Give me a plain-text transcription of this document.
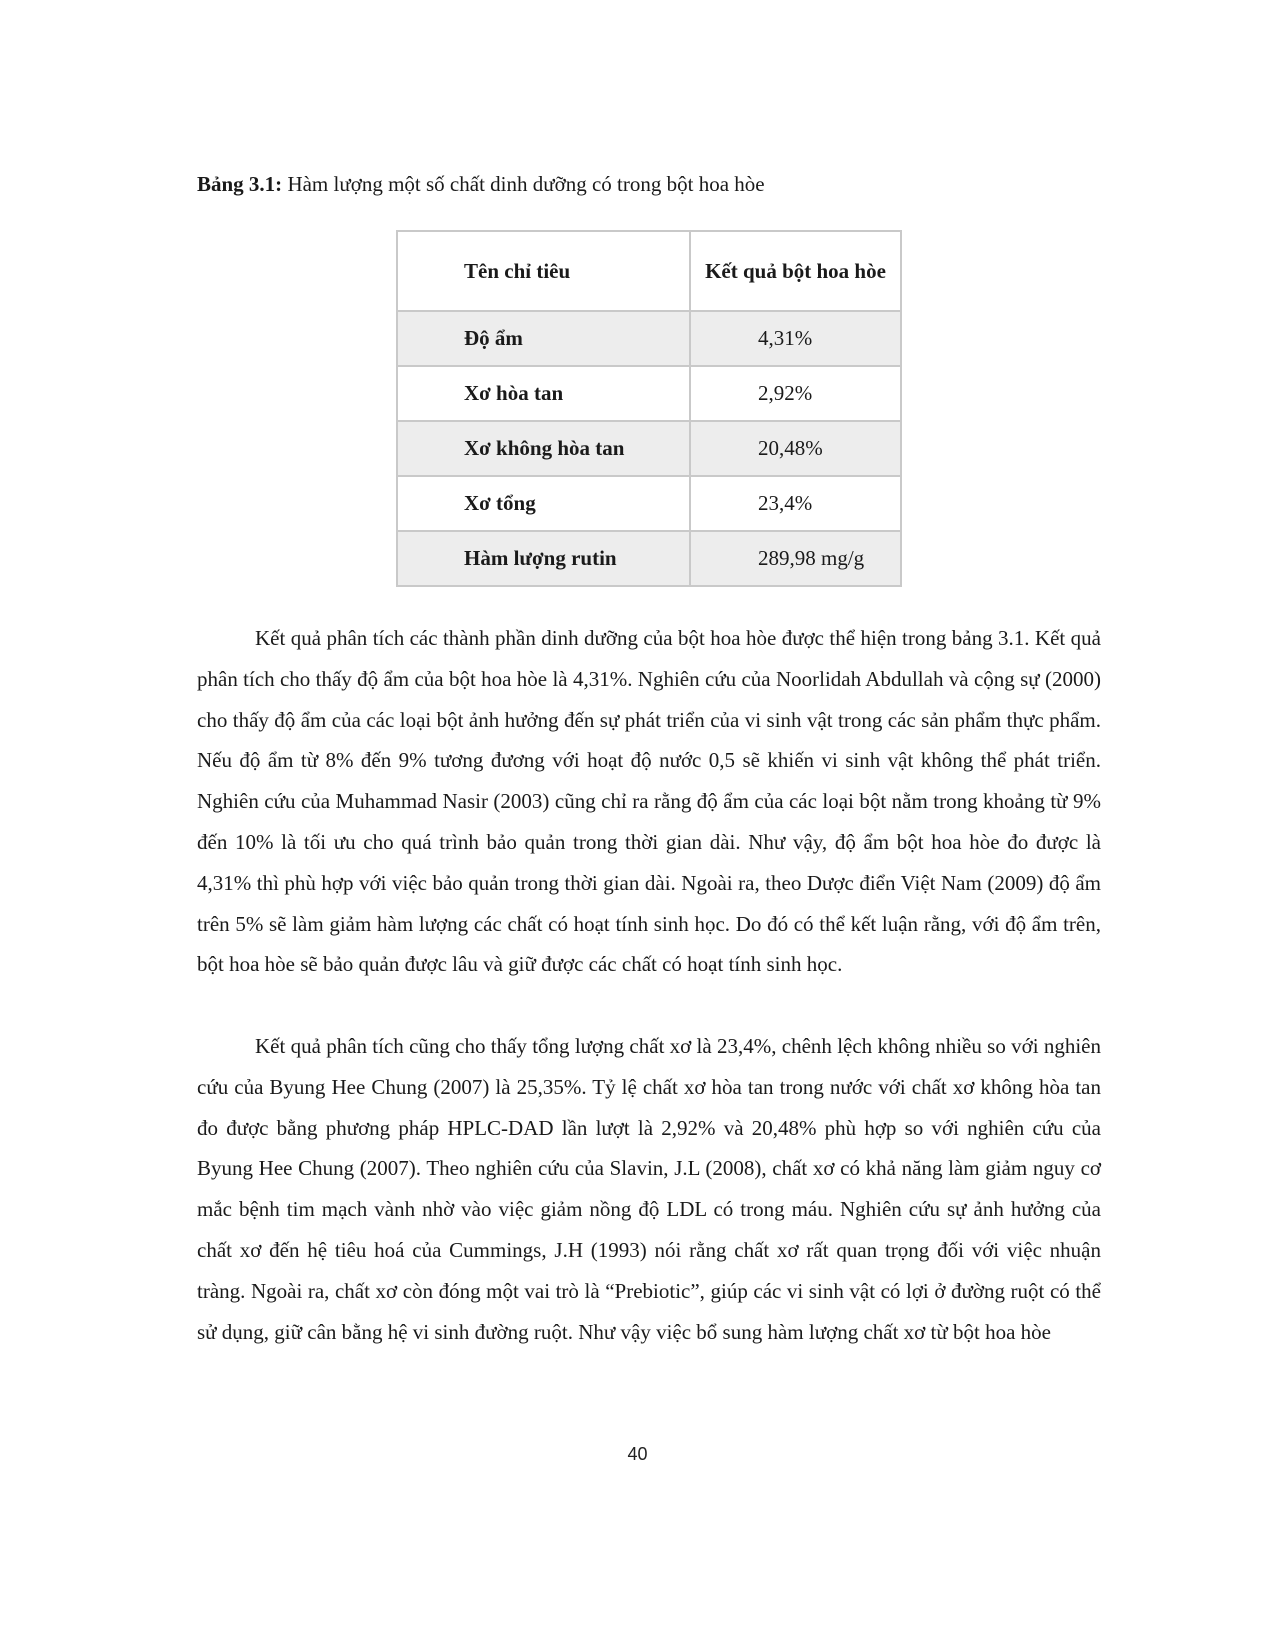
Bảng 3.1: Hàm lượng một số chất dinh dưỡng có trong bột hoa hòe

Tên chỉ tiêu	Kết quả bột hoa hòe
Độ ẩm	4,31%
Xơ hòa tan	2,92%
Xơ không hòa tan	20,48%
Xơ tổng	23,4%
Hàm lượng rutin	289,98 mg/g

Kết quả phân tích các thành phần dinh dưỡng của bột hoa hòe được thể hiện trong bảng 3.1. Kết quả phân tích cho thấy độ ẩm của bột hoa hòe là 4,31%. Nghiên cứu của Noorlidah Abdullah và cộng sự (2000) cho thấy độ ẩm của các loại bột ảnh hưởng đến sự phát triển của vi sinh vật trong các sản phẩm thực phẩm. Nếu độ ẩm từ 8% đến 9% tương đương với hoạt độ nước 0,5 sẽ khiến vi sinh vật không thể phát triển. Nghiên cứu của Muhammad Nasir (2003) cũng chỉ ra rằng độ ẩm của các loại bột nằm trong khoảng từ 9% đến 10% là tối ưu cho quá trình bảo quản trong thời gian dài. Như vậy, độ ẩm bột hoa hòe đo được là 4,31% thì phù hợp với việc bảo quản trong thời gian dài. Ngoài ra, theo Dược điển Việt Nam (2009) độ ẩm trên 5% sẽ làm giảm hàm lượng các chất có hoạt tính sinh học. Do đó có thể kết luận rằng, với độ ẩm trên, bột hoa hòe sẽ bảo quản được lâu và giữ được các chất có hoạt tính sinh học.

Kết quả phân tích cũng cho thấy tổng lượng chất xơ là 23,4%, chênh lệch không nhiều so với nghiên cứu của Byung Hee Chung (2007) là 25,35%. Tỷ lệ chất xơ hòa tan trong nước với chất xơ không hòa tan đo được bằng phương pháp HPLC-DAD lần lượt là 2,92% và 20,48% phù hợp so với nghiên cứu của Byung Hee Chung (2007). Theo nghiên cứu của Slavin, J.L (2008), chất xơ có khả năng làm giảm nguy cơ mắc bệnh tim mạch vành nhờ vào việc giảm nồng độ LDL có trong máu. Nghiên cứu sự ảnh hưởng của chất xơ đến hệ tiêu hoá của Cummings, J.H (1993) nói rằng chất xơ rất quan trọng đối với việc nhuận tràng. Ngoài ra, chất xơ còn đóng một vai trò là “Prebiotic”, giúp các vi sinh vật có lợi ở đường ruột có thể sử dụng, giữ cân bằng hệ vi sinh đường ruột. Như vậy việc bổ sung hàm lượng chất xơ từ bột hoa hòe

40
